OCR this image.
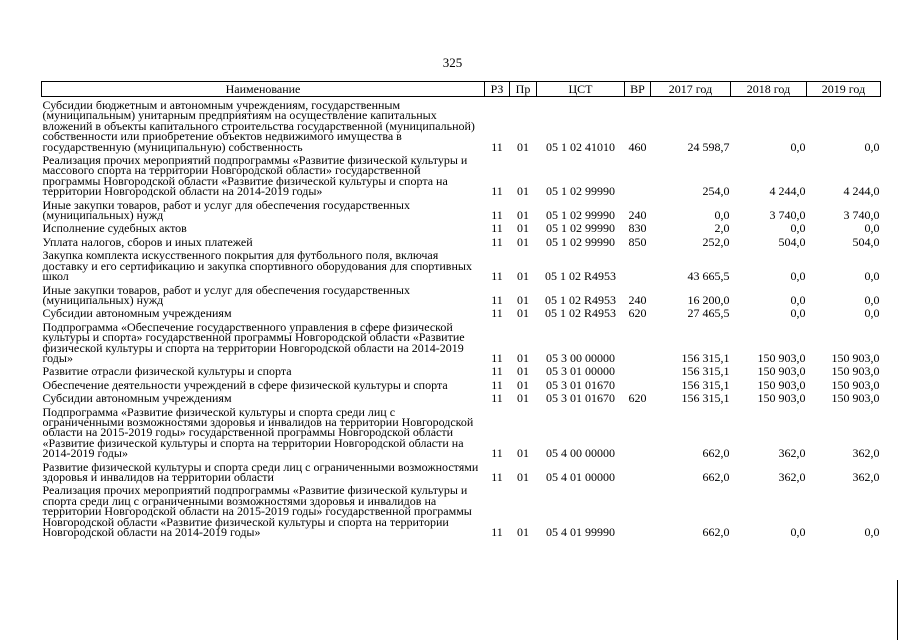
325
Наименование	РЗ	Пр	ЦСТ	ВР	2017 год	2018 год	2019 год
Субсидии бюджетным и автономным учреждениям, государственным (муниципальным) унитарным предприятиям на осуществление капитальных вложений в объекты капитального строительства государственной (муниципальной) собственности или приобретение объектов недвижимого имущества в государственную (муниципальную) собственность	11	01	05 1 02 41010	460	24 598,7	0,0	0,0
Реализация прочих мероприятий подпрограммы «Развитие физической культуры и массового спорта на территории Новгородской области» государственной программы Новгородской области «Развитие физической культуры и спорта на территории Новгородской области на 2014-2019 годы»	11	01	05 1 02 99990		254,0	4 244,0	4 244,0
Иные закупки товаров, работ и услуг для обеспечения государственных (муниципальных) нужд	11	01	05 1 02 99990	240	0,0	3 740,0	3 740,0
Исполнение судебных актов	11	01	05 1 02 99990	830	2,0	0,0	0,0
Уплата налогов, сборов и иных платежей	11	01	05 1 02 99990	850	252,0	504,0	504,0
Закупка комплекта искусственного покрытия для футбольного поля, включая доставку и его сертификацию и закупка спортивного оборудования для спортивных школ	11	01	05 1 02 R4953		43 665,5	0,0	0,0
Иные закупки товаров, работ и услуг для обеспечения государственных (муниципальных) нужд	11	01	05 1 02 R4953	240	16 200,0	0,0	0,0
Субсидии автономным учреждениям	11	01	05 1 02 R4953	620	27 465,5	0,0	0,0
Подпрограмма «Обеспечение государственного управления в сфере физической культуры и спорта» государственной программы Новгородской области «Развитие физической культуры и спорта на территории Новгородской области на 2014-2019 годы»	11	01	05 3 00 00000		156 315,1	150 903,0	150 903,0
Развитие отрасли физической культуры и спорта	11	01	05 3 01 00000		156 315,1	150 903,0	150 903,0
Обеспечение деятельности учреждений в сфере физической культуры и спорта	11	01	05 3 01 01670		156 315,1	150 903,0	150 903,0
Субсидии автономным учреждениям	11	01	05 3 01 01670	620	156 315,1	150 903,0	150 903,0
Подпрограмма «Развитие физической культуры и спорта среди лиц с ограниченными возможностями здоровья и инвалидов на территории Новгородской области на 2015-2019 годы» государственной программы Новгородской области «Развитие физической культуры и спорта на территории Новгородской области на 2014-2019 годы»	11	01	05 4 00 00000		662,0	362,0	362,0
Развитие физической культуры и спорта среди лиц с ограниченными возможностями здоровья и инвалидов на территории области	11	01	05 4 01 00000		662,0	362,0	362,0
Реализация прочих мероприятий подпрограммы «Развитие физической культуры и спорта среди лиц с ограниченными возможностями здоровья и инвалидов на территории Новгородской области на 2015-2019 годы» государственной программы Новгородской области «Развитие физической культуры и спорта на территории Новгородской области на 2014-2019 годы»	11	01	05 4 01 99990		662,0	0,0	0,0
